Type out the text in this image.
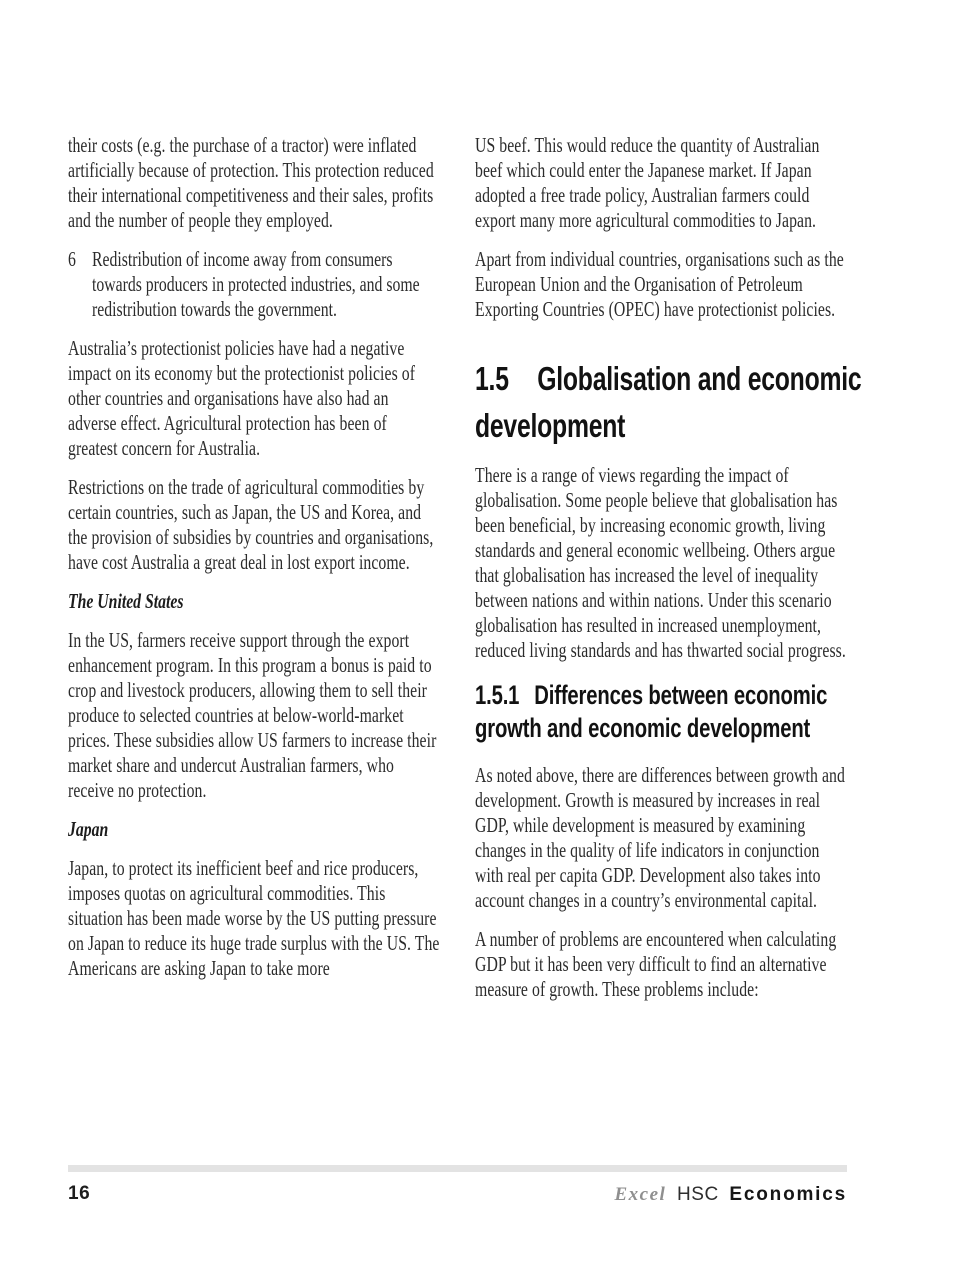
their costs (e.g. the purchase of a tractor) were inflated artificially because of protection. This protection reduced their international competitiveness and their sales, profits and the number of people they employed.

6 Redistribution of income away from consumers towards producers in protected industries, and some redistribution towards the government.

Australia’s protectionist policies have had a negative impact on its economy but the protectionist policies of other countries and organisations have also had an adverse effect. Agricultural protection has been of greatest concern for Australia.

Restrictions on the trade of agricultural commodities by certain countries, such as Japan, the US and Korea, and the provision of subsidies by countries and organisations, have cost Australia a great deal in lost export income.

The United States

In the US, farmers receive support through the export enhancement program. In this program a bonus is paid to crop and livestock producers, allowing them to sell their produce to selected countries at below-world-market prices. These subsidies allow US farmers to increase their market share and undercut Australian farmers, who receive no protection.

Japan

Japan, to protect its inefficient beef and rice producers, imposes quotas on agricultural commodities. This situation has been made worse by the US putting pressure on Japan to reduce its huge trade surplus with the US. The Americans are asking Japan to take more

US beef. This would reduce the quantity of Australian beef which could enter the Japanese market. If Japan adopted a free trade policy, Australian farmers could export many more agricultural commodities to Japan.

Apart from individual countries, organisations such as the European Union and the Organisation of Petroleum Exporting Countries (OPEC) have protectionist policies.

1.5 Globalisation and economic
development

There is a range of views regarding the impact of globalisation. Some people believe that globalisation has been beneficial, by increasing economic growth, living standards and general economic wellbeing. Others argue that globalisation has increased the level of inequality between nations and within nations. Under this scenario globalisation has resulted in increased unemployment, reduced living standards and has thwarted social progress.

1.5.1 Differences between economic
growth and economic development

As noted above, there are differences between growth and development. Growth is measured by increases in real GDP, while development is measured by examining changes in the quality of life indicators in conjunction with real per capita GDP. Development also takes into account changes in a country’s environmental capital.

A number of problems are encountered when calculating GDP but it has been very difficult to find an alternative measure of growth. These problems include:

16	Excel HSC Economics
